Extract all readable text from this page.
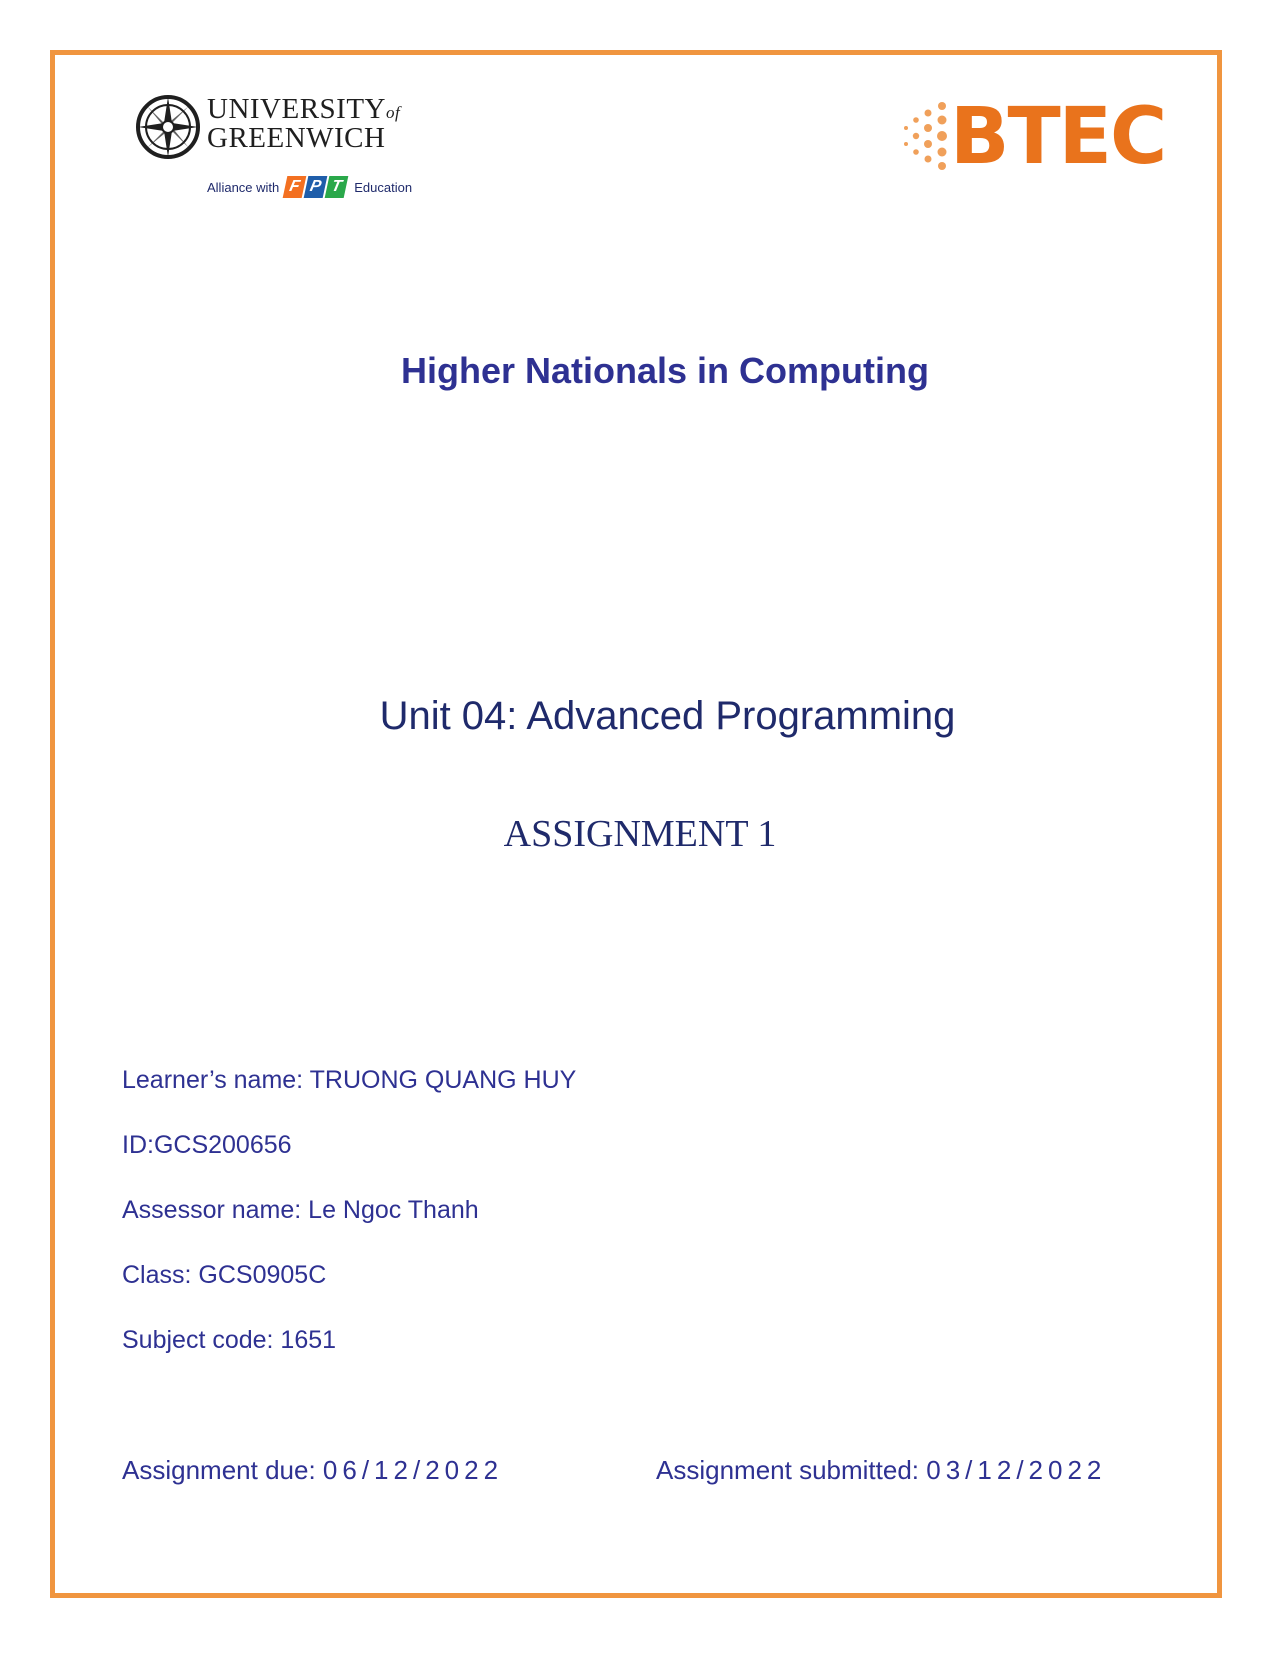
UNIVERSITYof
GREENWICH
Alliance with F P T Education
BTEC
Higher Nationals in Computing
Unit 04: Advanced Programming
ASSIGNMENT 1
Learner’s name: TRUONG QUANG HUY
ID:GCS200656
Assessor name: Le Ngoc Thanh
Class: GCS0905C
Subject code: 1651
Assignment due: 06/12/2022	Assignment submitted: 03/12/2022
